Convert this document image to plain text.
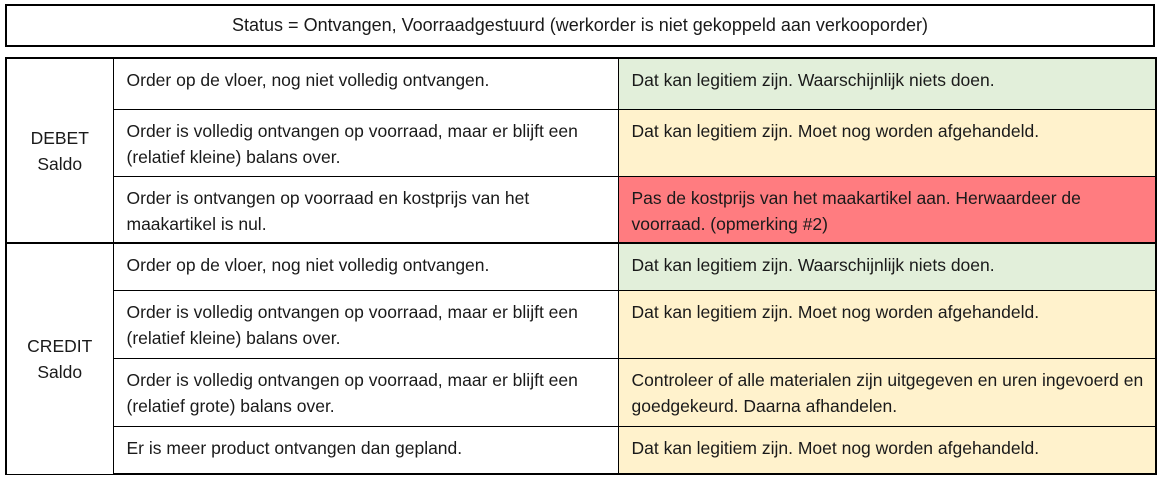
Status = Ontvangen, Voorraadgestuurd (werkorder is niet gekoppeld aan verkooporder)
DEBET
Saldo	Order op de vloer, nog niet volledig ontvangen.	Dat kan legitiem zijn. Waarschijnlijk niets doen.
	Order is volledig ontvangen op voorraad, maar er blijft een (relatief kleine) balans over.	Dat kan legitiem zijn. Moet nog worden afgehandeld.
	Order is ontvangen op voorraad en kostprijs van het maakartikel is nul.	Pas de kostprijs van het maakartikel aan. Herwaardeer de voorraad. (opmerking #2)

CREDIT
Saldo	Order op de vloer, nog niet volledig ontvangen.	Dat kan legitiem zijn. Waarschijnlijk niets doen.
	Order is volledig ontvangen op voorraad, maar er blijft een (relatief kleine) balans over.	Dat kan legitiem zijn. Moet nog worden afgehandeld.
	Order is volledig ontvangen op voorraad, maar er blijft een (relatief grote) balans over.	Controleer of alle materialen zijn uitgegeven en uren ingevoerd en goedgekeurd. Daarna afhandelen.
	Er is meer product ontvangen dan gepland.	Dat kan legitiem zijn. Moet nog worden afgehandeld.
